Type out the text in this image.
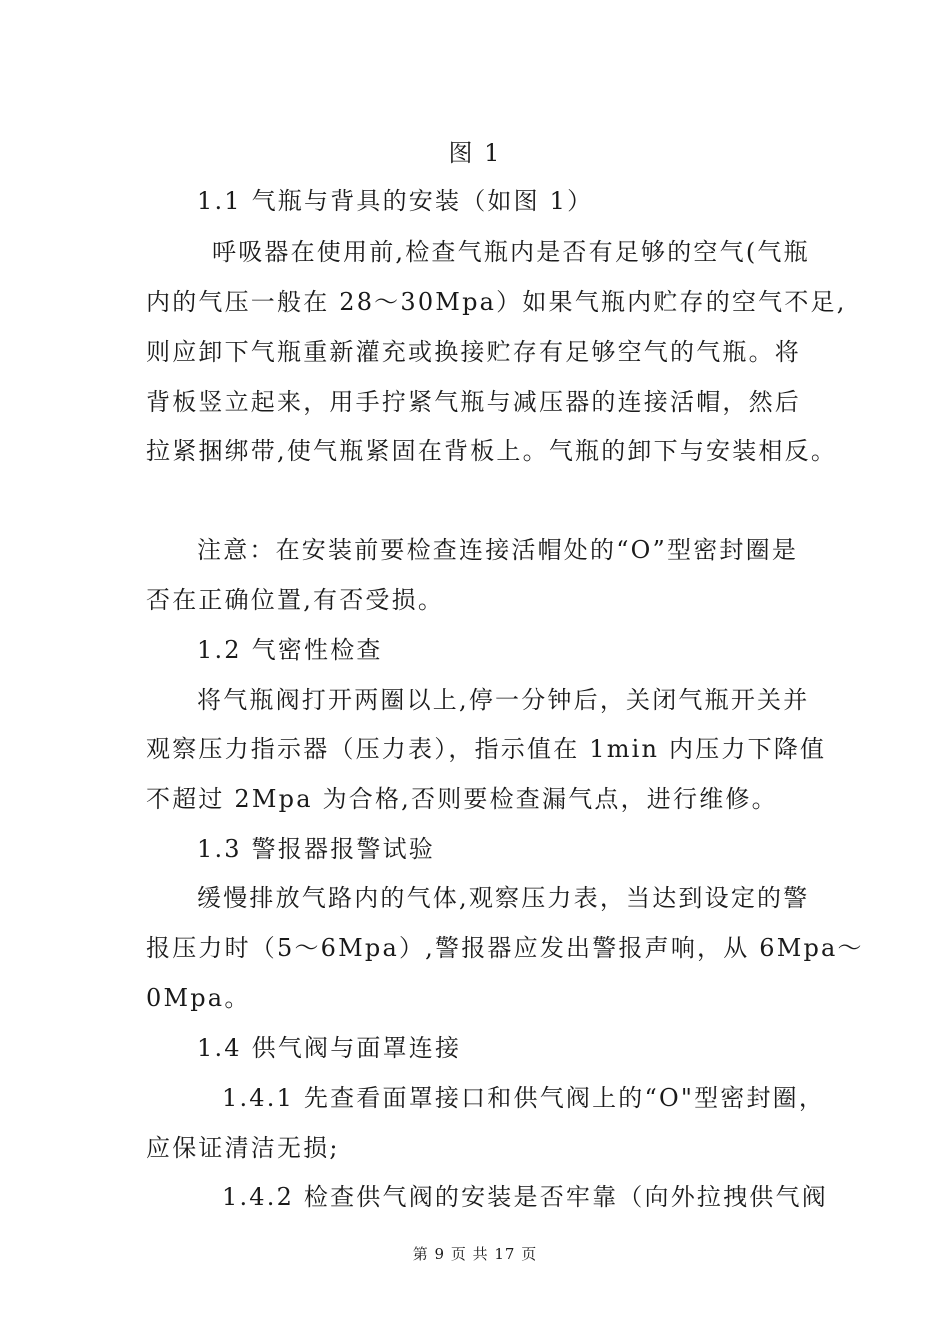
图 1
1.1 气瓶与背具的安装（如图 1）
呼吸器在使用前,检查气瓶内是否有足够的空气(气瓶
内的气压一般在 28～30Mpa）如果气瓶内贮存的空气不足,
则应卸下气瓶重新灌充或换接贮存有足够空气的气瓶。将
背板竖立起来，用手拧紧气瓶与减压器的连接活帽，然后
拉紧捆绑带,使气瓶紧固在背板上。气瓶的卸下与安装相反。
注意：在安装前要检查连接活帽处的“O”型密封圈是
否在正确位置,有否受损。
1.2 气密性检查
将气瓶阀打开两圈以上,停一分钟后，关闭气瓶开关并
观察压力指示器（压力表），指示值在 1min 内压力下降值
不超过 2Mpa 为合格,否则要检查漏气点，进行维修。
1.3 警报器报警试验
缓慢排放气路内的气体,观察压力表，当达到设定的警
报压力时（5～6Mpa）,警报器应发出警报声响，从 6Mpa～
0Mpa。
1.4 供气阀与面罩连接
1.4.1 先查看面罩接口和供气阀上的“O"型密封圈，
应保证清洁无损;
1.4.2 检查供气阀的安装是否牢靠（向外拉拽供气阀
第 9 页 共 17 页
